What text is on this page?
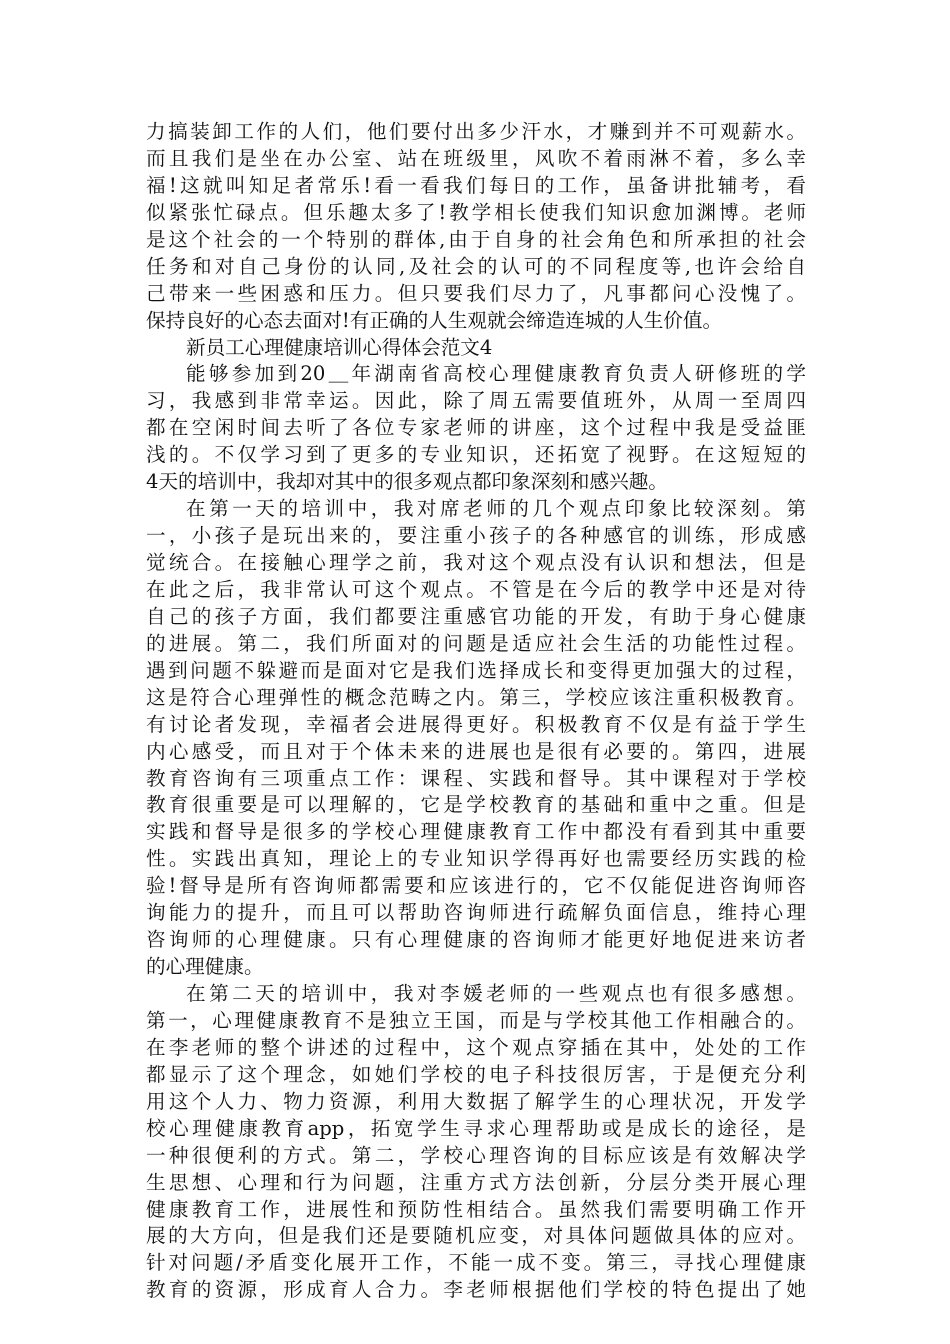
力搞装卸工作的人们，他们要付出多少汗水，才赚到并不可观薪水。
而且我们是坐在办公室、站在班级里，风吹不着雨淋不着，多么幸
福!这就叫知足者常乐!看一看我们每日的工作，虽备讲批辅考，看
似紧张忙碌点。但乐趣太多了!教学相长使我们知识愈加渊博。老师
是这个社会的一个特别的群体,由于自身的社会角色和所承担的社会
任务和对自己身份的认同,及社会的认可的不同程度等,也许会给自
己带来一些困惑和压力。但只要我们尽力了，凡事都问心没愧了。
保持良好的心态去面对!有正确的人生观就会缔造连城的人生价值。
新员工心理健康培训心得体会范文4
能够参加到20＿年湖南省高校心理健康教育负责人研修班的学
习，我感到非常幸运。因此，除了周五需要值班外，从周一至周四
都在空闲时间去听了各位专家老师的讲座，这个过程中我是受益匪
浅的。不仅学习到了更多的专业知识，还拓宽了视野。在这短短的
4天的培训中，我却对其中的很多观点都印象深刻和感兴趣。
在第一天的培训中，我对席老师的几个观点印象比较深刻。第
一，小孩子是玩出来的，要注重小孩子的各种感官的训练，形成感
觉统合。在接触心理学之前，我对这个观点没有认识和想法，但是
在此之后，我非常认可这个观点。不管是在今后的教学中还是对待
自己的孩子方面，我们都要注重感官功能的开发，有助于身心健康
的进展。第二，我们所面对的问题是适应社会生活的功能性过程。
遇到问题不躲避而是面对它是我们选择成长和变得更加强大的过程，
这是符合心理弹性的概念范畴之内。第三，学校应该注重积极教育。
有讨论者发现，幸福者会进展得更好。积极教育不仅是有益于学生
内心感受，而且对于个体未来的进展也是很有必要的。第四，进展
教育咨询有三项重点工作：课程、实践和督导。其中课程对于学校
教育很重要是可以理解的，它是学校教育的基础和重中之重。但是
实践和督导是很多的学校心理健康教育工作中都没有看到其中重要
性。实践出真知，理论上的专业知识学得再好也需要经历实践的检
验!督导是所有咨询师都需要和应该进行的，它不仅能促进咨询师咨
询能力的提升，而且可以帮助咨询师进行疏解负面信息，维持心理
咨询师的心理健康。只有心理健康的咨询师才能更好地促进来访者
的心理健康。
在第二天的培训中，我对李媛老师的一些观点也有很多感想。
第一，心理健康教育不是独立王国，而是与学校其他工作相融合的。
在李老师的整个讲述的过程中，这个观点穿插在其中，处处的工作
都显示了这个理念，如她们学校的电子科技很厉害，于是便充分利
用这个人力、物力资源，利用大数据了解学生的心理状况，开发学
校心理健康教育app，拓宽学生寻求心理帮助或是成长的途径，是
一种很便利的方式。第二，学校心理咨询的目标应该是有效解决学
生思想、心理和行为问题，注重方式方法创新，分层分类开展心理
健康教育工作，进展性和预防性相结合。虽然我们需要明确工作开
展的大方向，但是我们还是要随机应变，对具体问题做具体的应对。
针对问题/矛盾变化展开工作，不能一成不变。第三，寻找心理健康
教育的资源，形成育人合力。李老师根据他们学校的特色提出了她
